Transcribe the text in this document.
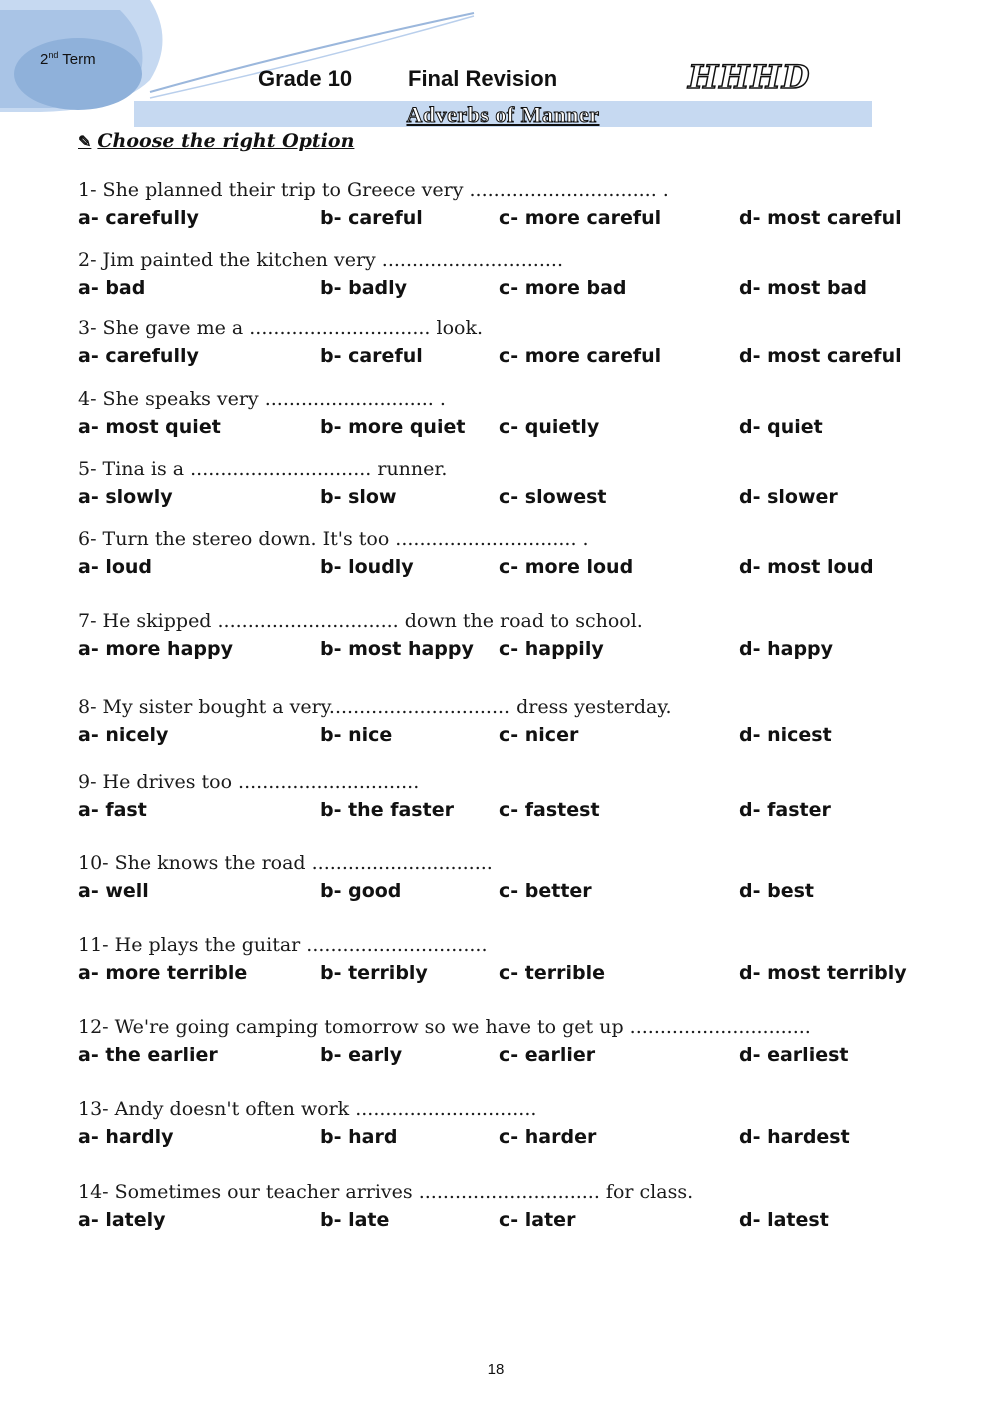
2nd Term
Grade 10	Final Revision	HHHD
Adverbs of Manner
✎ Choose the right Option
1- She planned their trip to Greece very ............................... .
a- carefully	b- careful	c- more careful	d- most careful
2- Jim painted the kitchen very ..............................
a- bad	b- badly	c- more bad	d- most bad
3- She gave me a .............................. look.
a- carefully	b- careful	c- more careful	d- most careful
4- She speaks very ............................ .
a- most quiet	b- more quiet c- quietly	d- quiet
5- Tina is a .............................. runner.
a- slowly	b- slow	c- slowest	d- slower
6- Turn the stereo down. It's too .............................. .
a- loud	b- loudly	c- more loud	d- most loud
7- He skipped .............................. down the road to school.
a- more happy	b- most happy c- happily	d- happy
8- My sister bought a very.............................. dress yesterday.
a- nicely	b- nice	c- nicer	d- nicest
9- He drives too ..............................
a- fast	b- the faster c- fastest	d- faster
10- She knows the road ..............................
a- well	b- good	c- better	d- best
11- He plays the guitar ..............................
a- more terrible	b- terribly	c- terrible	d- most terribly
12- We're going camping tomorrow so we have to get up ..............................
a- the earlier	b- early	c- earlier	d- earliest
13- Andy doesn't often work ..............................
a- hardly	b- hard	c- harder	d- hardest
14- Sometimes our teacher arrives .............................. for class.
a- lately	b- late	c- later	d- latest
18
